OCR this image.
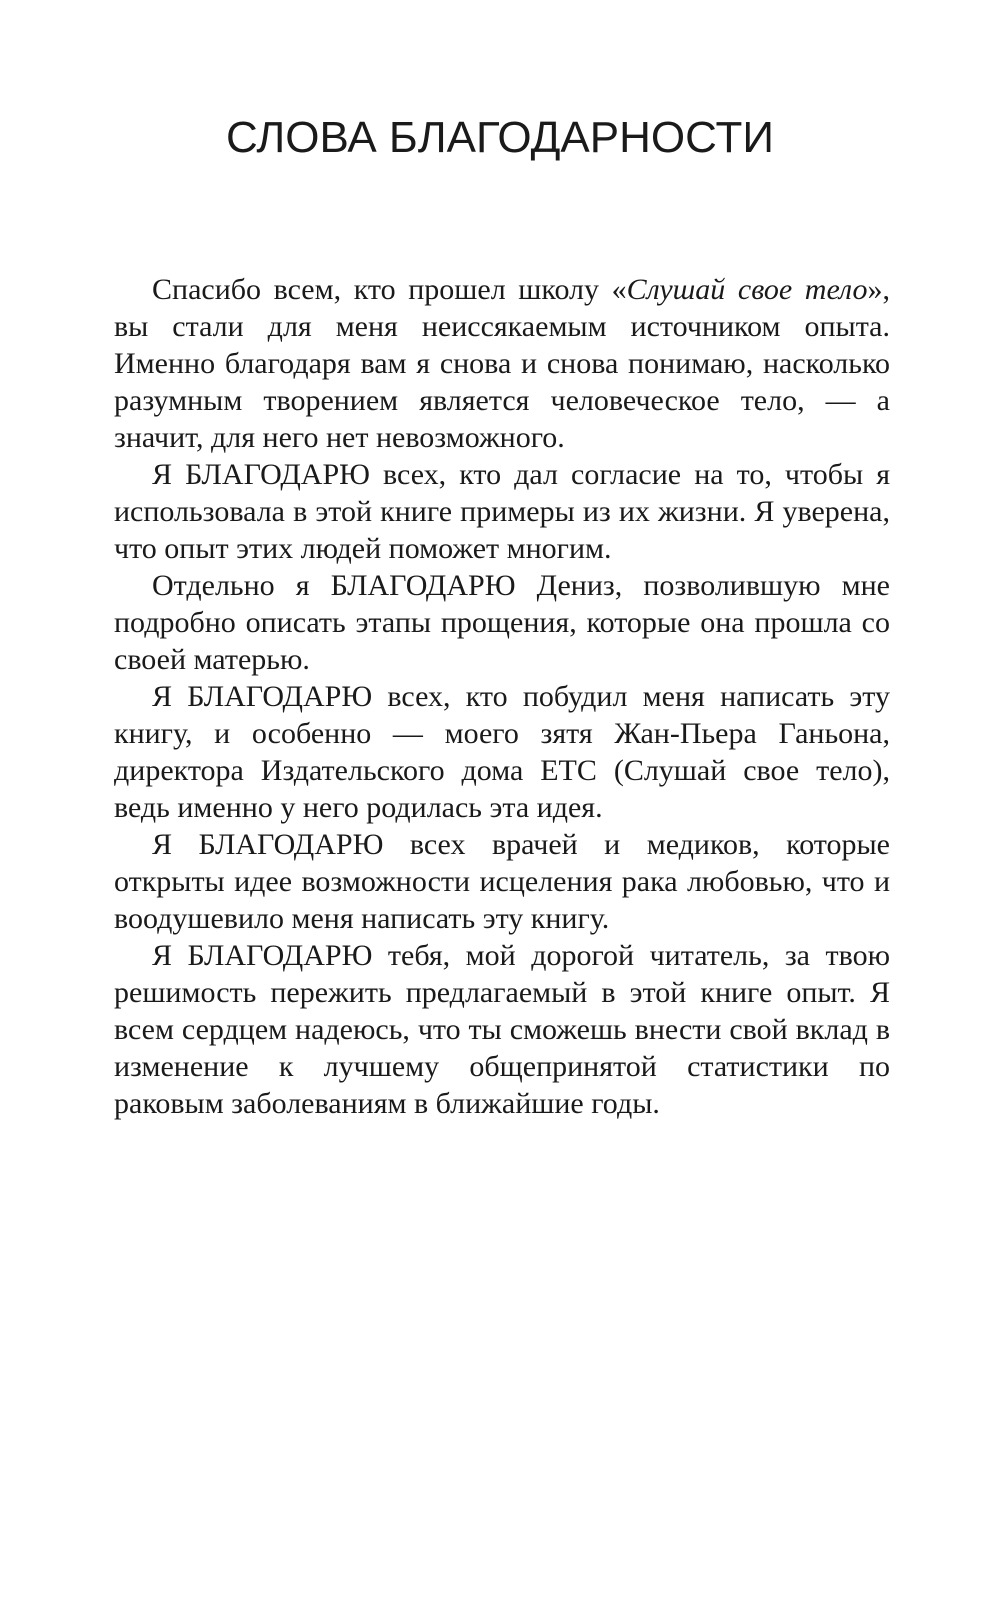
СЛОВА БЛАГОДАРНОСТИ

Спасибо всем, кто прошел школу «Слушай свое тело», вы стали для меня неиссякаемым источником опыта. Именно благодаря вам я снова и снова понимаю, насколько разумным творением является человеческое тело, — а значит, для него нет невозможного.

Я БЛАГОДАРЮ всех, кто дал согласие на то, чтобы я использовала в этой книге примеры из их жизни. Я уверена, что опыт этих людей поможет многим.

Отдельно я БЛАГОДАРЮ Дениз, позволившую мне подробно описать этапы прощения, которые она прошла со своей матерью.

Я БЛАГОДАРЮ всех, кто побудил меня написать эту книгу, и особенно — моего зятя Жан-Пьера Ганьона, директора Издательского дома ЕТС (Слушай свое тело), ведь именно у него родилась эта идея.

Я БЛАГОДАРЮ всех врачей и медиков, которые открыты идее возможности исцеления рака любовью, что и воодушевило меня написать эту книгу.

Я БЛАГОДАРЮ тебя, мой дорогой читатель, за твою решимость пережить предлагаемый в этой книге опыт. Я всем сердцем надеюсь, что ты сможешь внести свой вклад в изменение к лучшему общепринятой статистики по раковым заболеваниям в ближайшие годы.
